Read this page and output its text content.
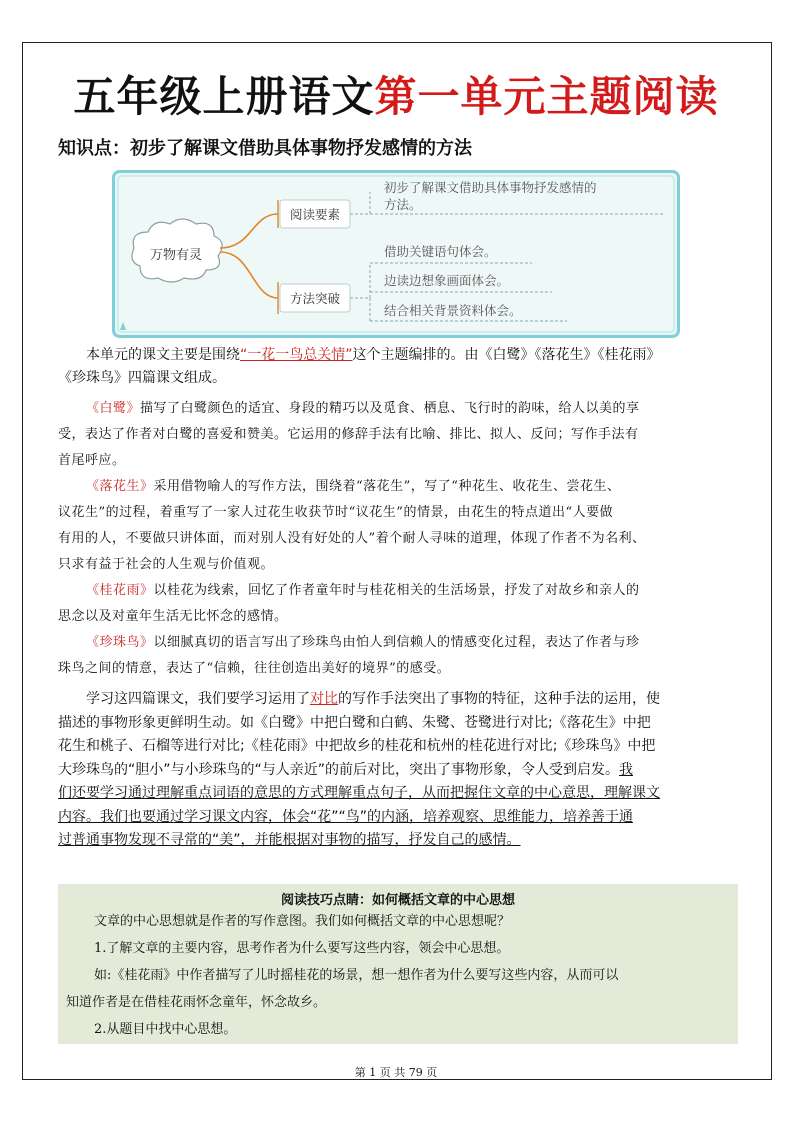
五年级上册语文第一单元主题阅读
知识点：初步了解课文借助具体事物抒发感情的方法
万物有灵
阅读要素
方法突破
初步了解课文借助具体事物抒发感情的
方法。
借助关键语句体会。
边读边想象画面体会。
结合相关背景资料体会。
本单元的课文主要是围绕“一花一鸟总关情”这个主题编排的。由《白鹭》《落花生》《桂花雨》
《珍珠鸟》四篇课文组成。
《白鹭》描写了白鹭颜色的适宜、身段的精巧以及觅食、栖息、飞行时的韵味，给人以美的享
受，表达了作者对白鹭的喜爱和赞美。它运用的修辞手法有比喻、排比、拟人、反问；写作手法有
首尾呼应。
《落花生》采用借物喻人的写作方法，围绕着“落花生”，写了“种花生、收花生、尝花生、
议花生”的过程，着重写了一家人过花生收获节时“议花生”的情景，由花生的特点道出“人要做
有用的人，不要做只讲体面，而对别人没有好处的人”着个耐人寻味的道理，体现了作者不为名利、
只求有益于社会的人生观与价值观。
《桂花雨》以桂花为线索，回忆了作者童年时与桂花相关的生活场景，抒发了对故乡和亲人的
思念以及对童年生活无比怀念的感情。
《珍珠鸟》以细腻真切的语言写出了珍珠鸟由怕人到信赖人的情感变化过程，表达了作者与珍
珠鸟之间的情意，表达了“信赖，往往创造出美好的境界”的感受。
学习这四篇课文，我们要学习运用了对比的写作手法突出了事物的特征，这种手法的运用，使
描述的事物形象更鲜明生动。如《白鹭》中把白鹭和白鹤、朱鹭、苍鹭进行对比;《落花生》中把
花生和桃子、石榴等进行对比;《桂花雨》中把故乡的桂花和杭州的桂花进行对比;《珍珠鸟》中把
大珍珠鸟的“胆小”与小珍珠鸟的“与人亲近”的前后对比，突出了事物形象，令人受到启发。我
们还要学习通过理解重点词语的意思的方式理解重点句子，从而把握住文章的中心意思，理解课文
内容。我们也要通过学习课文内容，体会“花”“鸟”的内涵，培养观察、思维能力，培养善于通
过普通事物发现不寻常的“美”，并能根据对事物的描写，抒发自己的感情。
阅读技巧点睛：如何概括文章的中心思想
文章的中心思想就是作者的写作意图。我们如何概括文章的中心思想呢？
1.了解文章的主要内容，思考作者为什么要写这些内容，领会中心思想。
如:《桂花雨》中作者描写了儿时摇桂花的场景，想一想作者为什么要写这些内容，从而可以
知道作者是在借桂花雨怀念童年，怀念故乡。
2.从题目中找中心思想。
第 1 页 共 79 页
